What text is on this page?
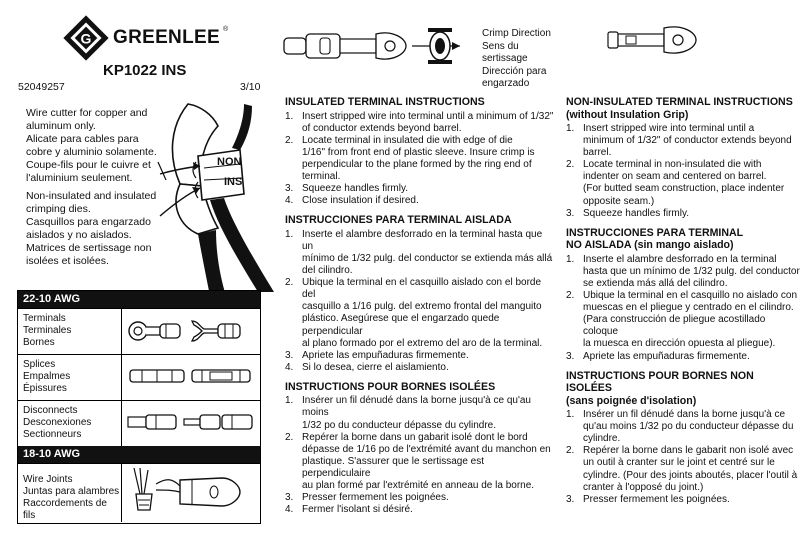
G GREENLEE ®
KP1022 INS
52049257	3/10
Wire cutter for copper and
aluminum only.
Alicate para cables para
cobre y aluminio solamente.
Coupe-fils pour le cuivre et
l'aluminium seulement.
Non-insulated and insulated
crimping dies.
Casquillos para engarzado
aislados y no aislados.
Matrices de sertissage non
isolées et isolées.
NON
INS
22-10 AWG
Terminals
Terminales
Bornes
Splices
Empalmes
Épissures
Disconnects
Desconexiones
Sectionneurs
18-10 AWG
Wire Joints
Juntas para alambres
Raccordements de fils
Crimp Direction
Sens du
sertissage
Dirección para
engarzado
INSULATED TERMINAL INSTRUCTIONS
1. Insert stripped wire into terminal until a minimum of 1/32"
of conductor extends beyond barrel.
2. Locate terminal in insulated die with edge of die
1/16" from front end of plastic sleeve. Insure crimp is
perpendicular to the plane formed by the ring end of
terminal.
3. Squeeze handles firmly.
4. Close insulation if desired.
INSTRUCCIONES PARA TERMINAL AISLADA
1. Inserte el alambre desforrado en la terminal hasta que un
mínimo de 1/32 pulg. del conductor se extienda más allá
del cilindro.
2. Ubique la terminal en el casquillo aislado con el borde del
casquillo a 1/16 pulg. del extremo frontal del manguito
plástico. Asegúrese que el engarzado quede perpendicular
al plano formado por el extremo del aro de la terminal.
3. Apriete las empuñaduras firmemente.
4. Si lo desea, cierre el aislamiento.
INSTRUCTIONS POUR BORNES ISOLÉES
1. Insérer un fil dénudé dans la borne jusqu'à ce qu'au moins
1/32 po du conducteur dépasse du cylindre.
2. Repérer la borne dans un gabarit isolé dont le bord
dépasse de 1/16 po de l'extrémité avant du manchon en
plastique. S'assurer que le sertissage est perpendiculaire
au plan formé par l'extrémité en anneau de la borne.
3. Presser fermement les poignées.
4. Fermer l'isolant si désiré.
NON-INSULATED TERMINAL INSTRUCTIONS
(without Insulation Grip)
1. Insert stripped wire into terminal until a
minimum of 1/32" of conductor extends beyond
barrel.
2. Locate terminal in non-insulated die with
indenter on seam and centered on barrel.
(For butted seam construction, place indenter
opposite seam.)
3. Squeeze handles firmly.
INSTRUCCIONES PARA TERMINAL
NO AISLADA (sin mango aislado)
1. Inserte el alambre desforrado en la terminal
hasta que un mínimo de 1/32 pulg. del conductor
se extienda más allá del cilindro.
2. Ubique la terminal en el casquillo no aislado con
muescas en el pliegue y centrado en el cilindro.
(Para construcción de pliegue acostillado coloque
la muesca en dirección opuesta al pliegue).
3. Apriete las empuñaduras firmemente.
INSTRUCTIONS POUR BORNES NON ISOLÉES
(sans poignée d'isolation)
1. Insérer un fil dénudé dans la borne jusqu'à ce
qu'au moins 1/32 po du conducteur dépasse du
cylindre.
2. Repérer la borne dans le gabarit non isolé avec
un outil à cranter sur le joint et centré sur le
cylindre. (Pour des joints aboutés, placer l'outil à
cranter à l'opposé du joint.)
3. Presser fermement les poignées.
